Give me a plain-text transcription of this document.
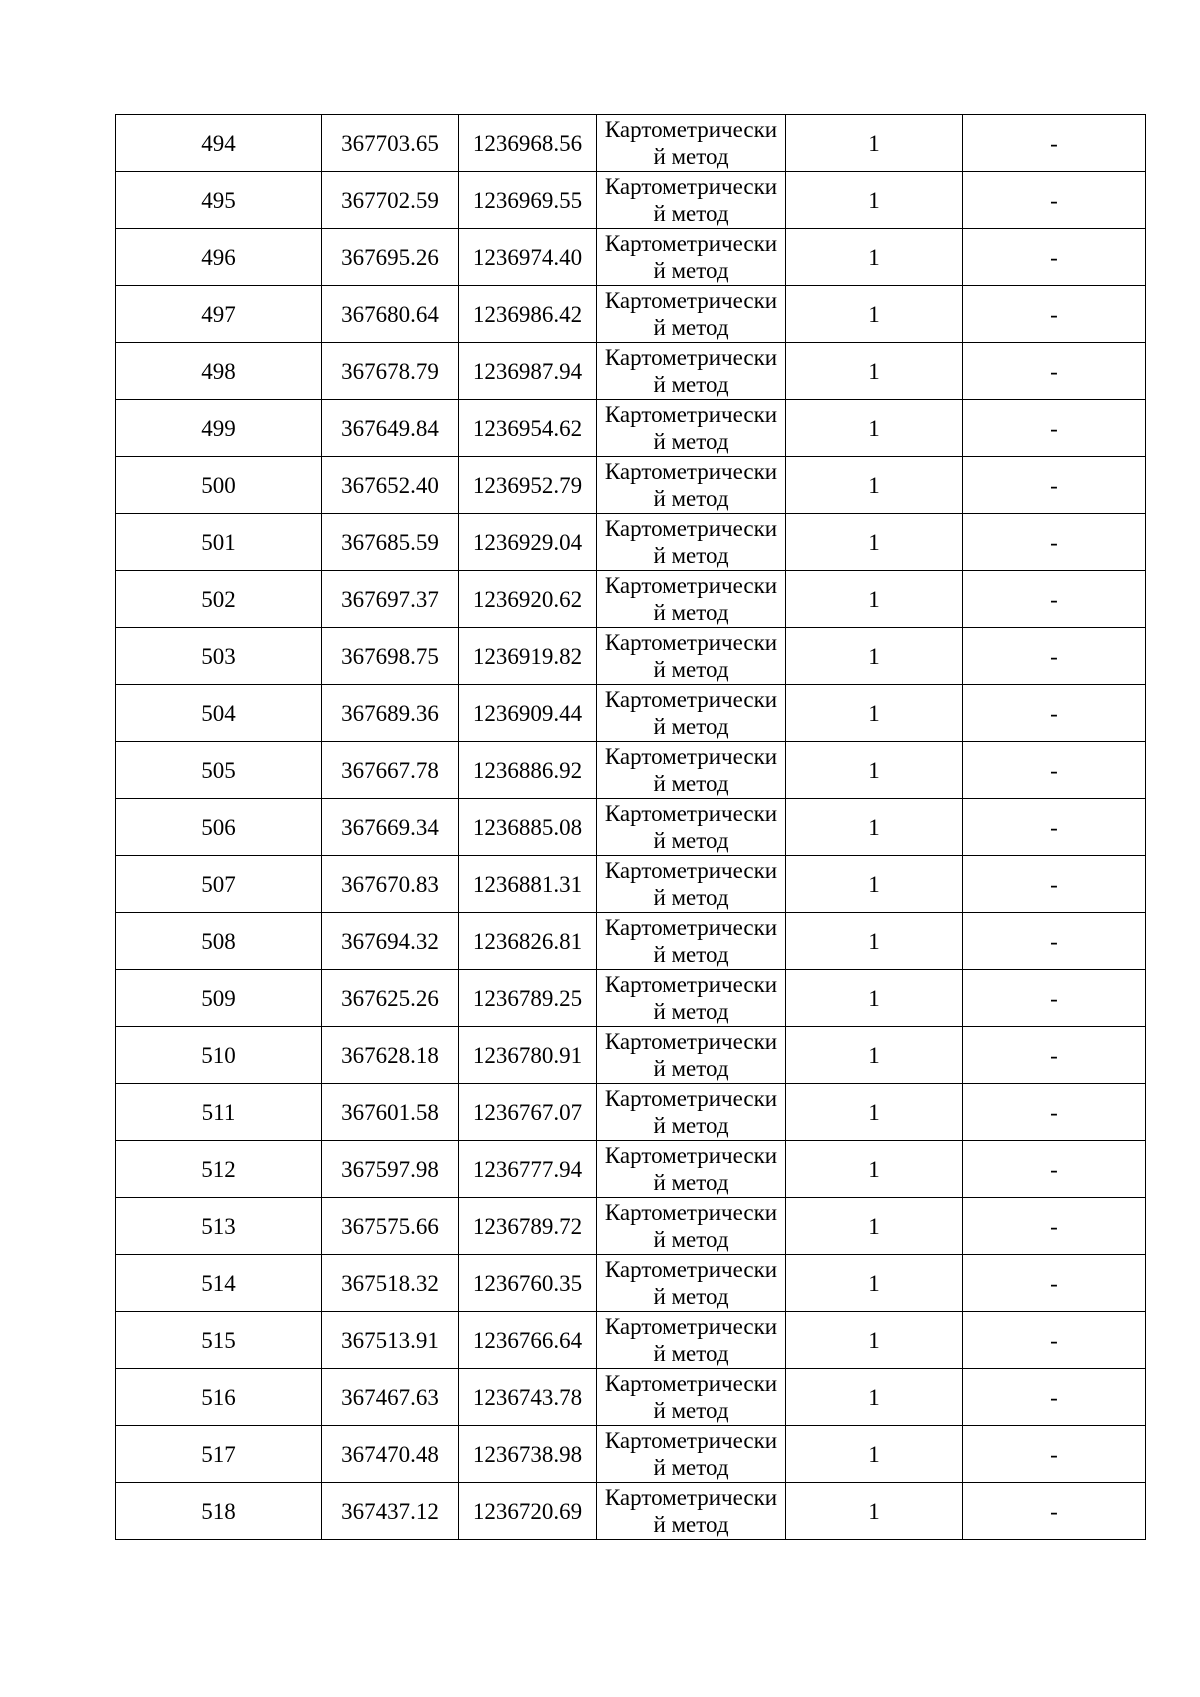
494	367703.65	1236968.56	Картометрически
й метод	1	-
495	367702.59	1236969.55	Картометрически
й метод	1	-
496	367695.26	1236974.40	Картометрически
й метод	1	-
497	367680.64	1236986.42	Картометрически
й метод	1	-
498	367678.79	1236987.94	Картометрически
й метод	1	-
499	367649.84	1236954.62	Картометрически
й метод	1	-
500	367652.40	1236952.79	Картометрически
й метод	1	-
501	367685.59	1236929.04	Картометрически
й метод	1	-
502	367697.37	1236920.62	Картометрически
й метод	1	-
503	367698.75	1236919.82	Картометрически
й метод	1	-
504	367689.36	1236909.44	Картометрически
й метод	1	-
505	367667.78	1236886.92	Картометрически
й метод	1	-
506	367669.34	1236885.08	Картометрически
й метод	1	-
507	367670.83	1236881.31	Картометрически
й метод	1	-
508	367694.32	1236826.81	Картометрически
й метод	1	-
509	367625.26	1236789.25	Картометрически
й метод	1	-
510	367628.18	1236780.91	Картометрически
й метод	1	-
511	367601.58	1236767.07	Картометрически
й метод	1	-
512	367597.98	1236777.94	Картометрически
й метод	1	-
513	367575.66	1236789.72	Картометрически
й метод	1	-
514	367518.32	1236760.35	Картометрически
й метод	1	-
515	367513.91	1236766.64	Картометрически
й метод	1	-
516	367467.63	1236743.78	Картометрически
й метод	1	-
517	367470.48	1236738.98	Картометрически
й метод	1	-
518	367437.12	1236720.69	Картометрически
й метод	1	-
